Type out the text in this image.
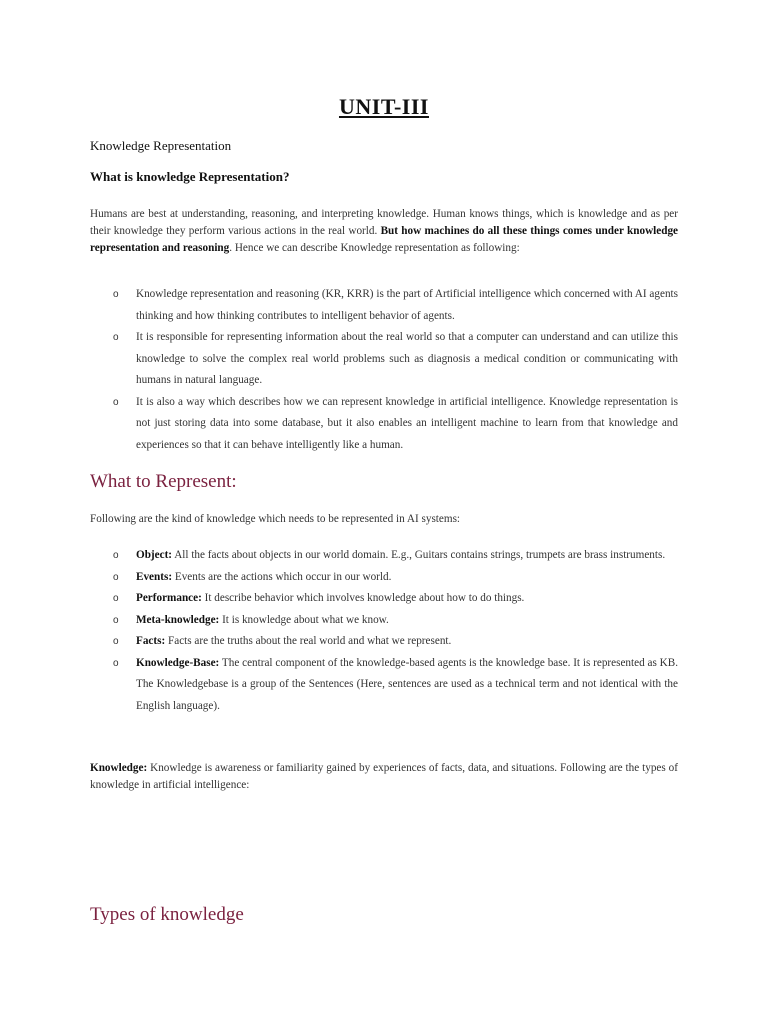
UNIT-III
Knowledge Representation
What is knowledge Representation?
Humans are best at understanding, reasoning, and interpreting knowledge. Human knows things, which is knowledge and as per their knowledge they perform various actions in the real world. But how machines do all these things comes under knowledge representation and reasoning. Hence we can describe Knowledge representation as following:
o Knowledge representation and reasoning (KR, KRR) is the part of Artificial intelligence which concerned with AI agents thinking and how thinking contributes to intelligent behavior of agents.
o It is responsible for representing information about the real world so that a computer can understand and can utilize this knowledge to solve the complex real world problems such as diagnosis a medical condition or communicating with humans in natural language.
o It is also a way which describes how we can represent knowledge in artificial intelligence. Knowledge representation is not just storing data into some database, but it also enables an intelligent machine to learn from that knowledge and experiences so that it can behave intelligently like a human.
What to Represent:
Following are the kind of knowledge which needs to be represented in AI systems:
o Object: All the facts about objects in our world domain. E.g., Guitars contains strings, trumpets are brass instruments.
o Events: Events are the actions which occur in our world.
o Performance: It describe behavior which involves knowledge about how to do things.
o Meta-knowledge: It is knowledge about what we know.
o Facts: Facts are the truths about the real world and what we represent.
o Knowledge-Base: The central component of the knowledge-based agents is the knowledge base. It is represented as KB. The Knowledgebase is a group of the Sentences (Here, sentences are used as a technical term and not identical with the English language).
Knowledge: Knowledge is awareness or familiarity gained by experiences of facts, data, and situations. Following are the types of knowledge in artificial intelligence:
Types of knowledge
